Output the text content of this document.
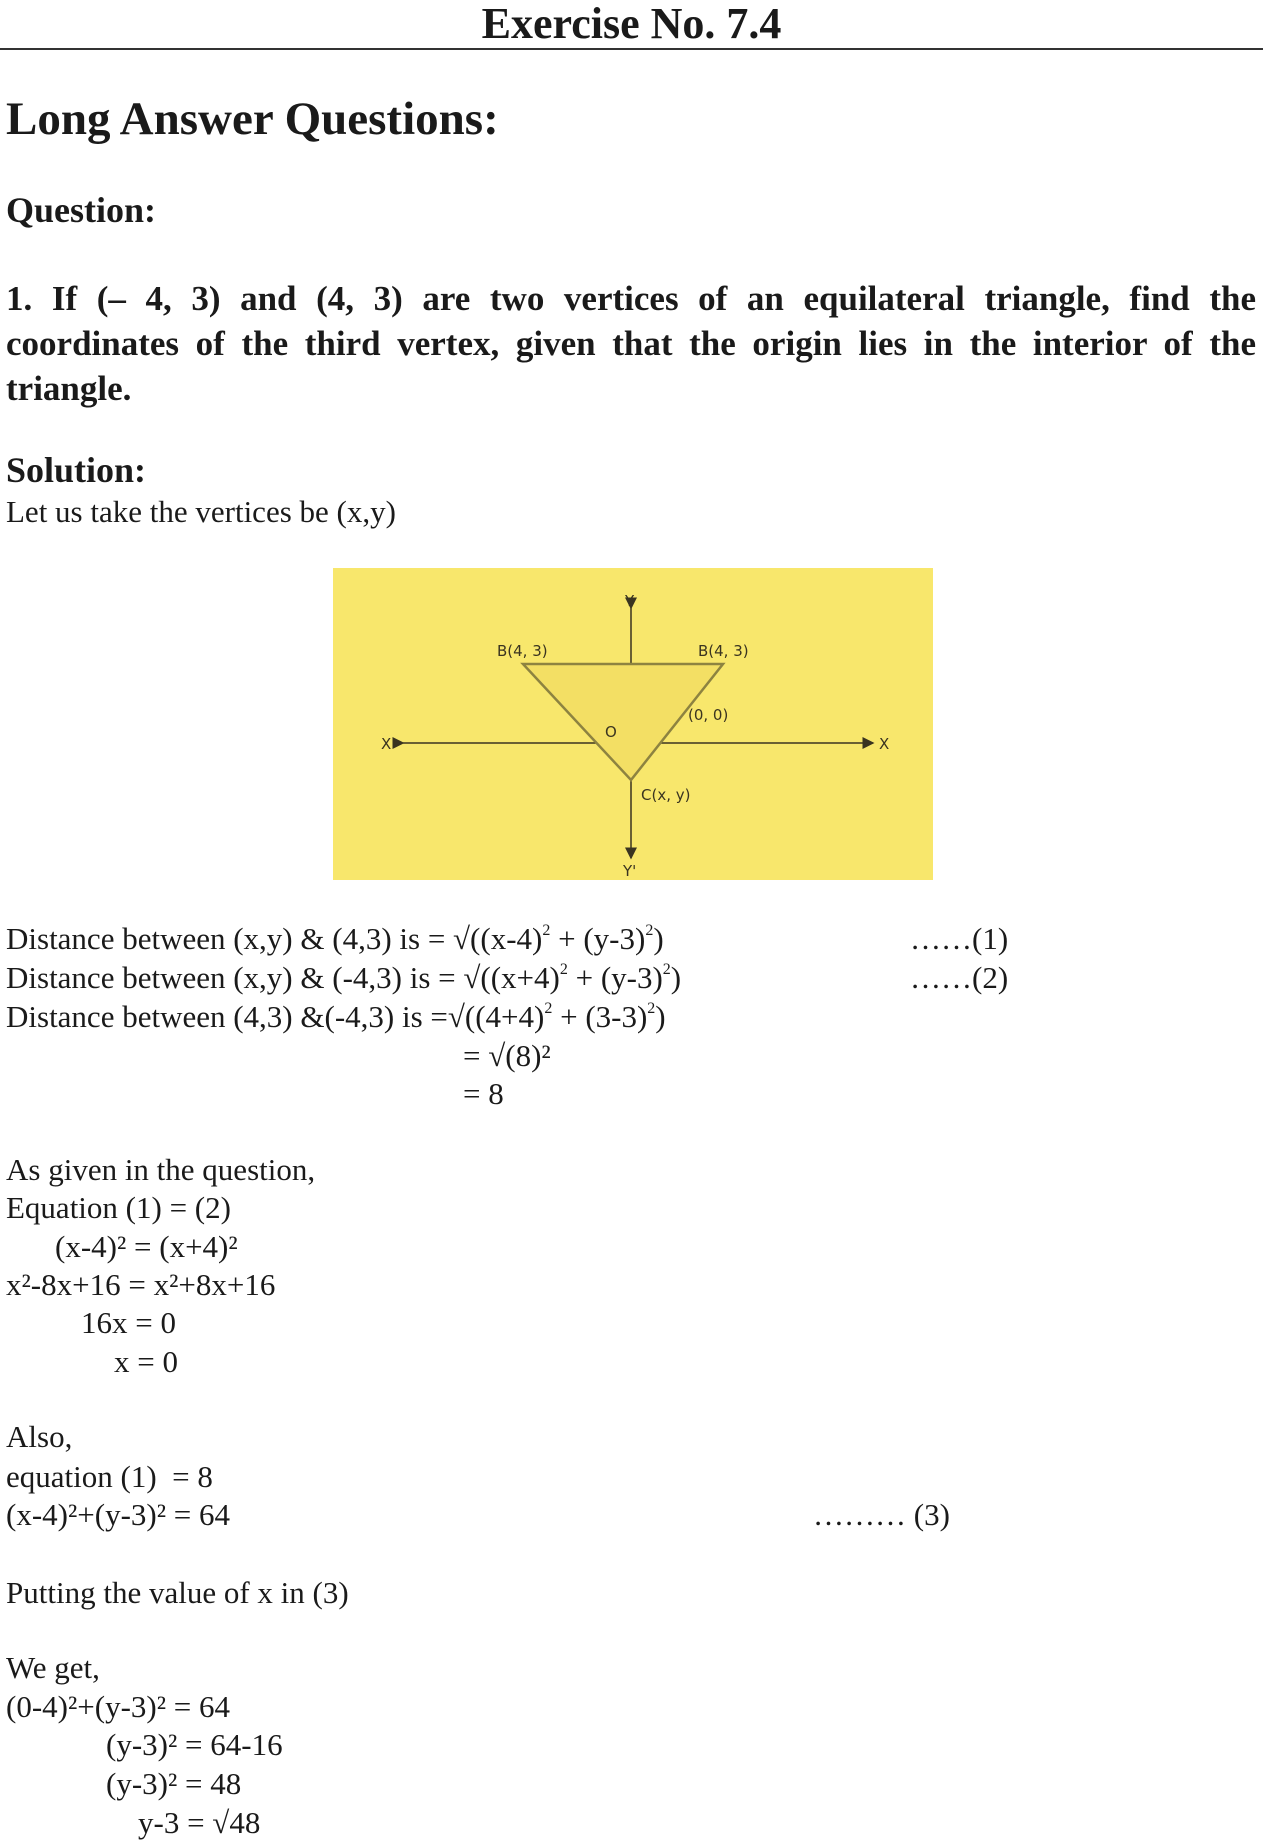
Exercise No. 7.4
Long Answer Questions:
Question:
1. If (– 4, 3) and (4, 3) are two vertices of an equilateral triangle, find the coordinates of the third vertex, given that the origin lies in the interior of the triangle.
Solution:
Let us take the vertices be (x,y)
Y
Y'
X
X'
O
B(4, 3)	B(4, 3)
(0, 0)
C(x, y)
Distance between (x,y) & (4,3) is = $√((x-4)^2 + (y-3)^2)$	……(1)
Distance between (x,y) & (-4,3) is = $√((x+4)^2 + (y-3)^2)$	……(2)
Distance between (4,3) &(-4,3) is $=√((4+4)^2 + (3-3)^2)$
= √(8)²
= 8
As given in the question,
Equation (1) = (2)
(x-4)² = (x+4)²
x²-8x+16 = x²+8x+16
16x = 0
x = 0
Also,
equation (1)  = 8
(x-4)²+(y-3)² = 64	……… (3)
Putting the value of x in (3)
We get,
(0-4)²+(y-3)² = 64
(y-3)² = 64-16
(y-3)² = 48
y-3 = √48
